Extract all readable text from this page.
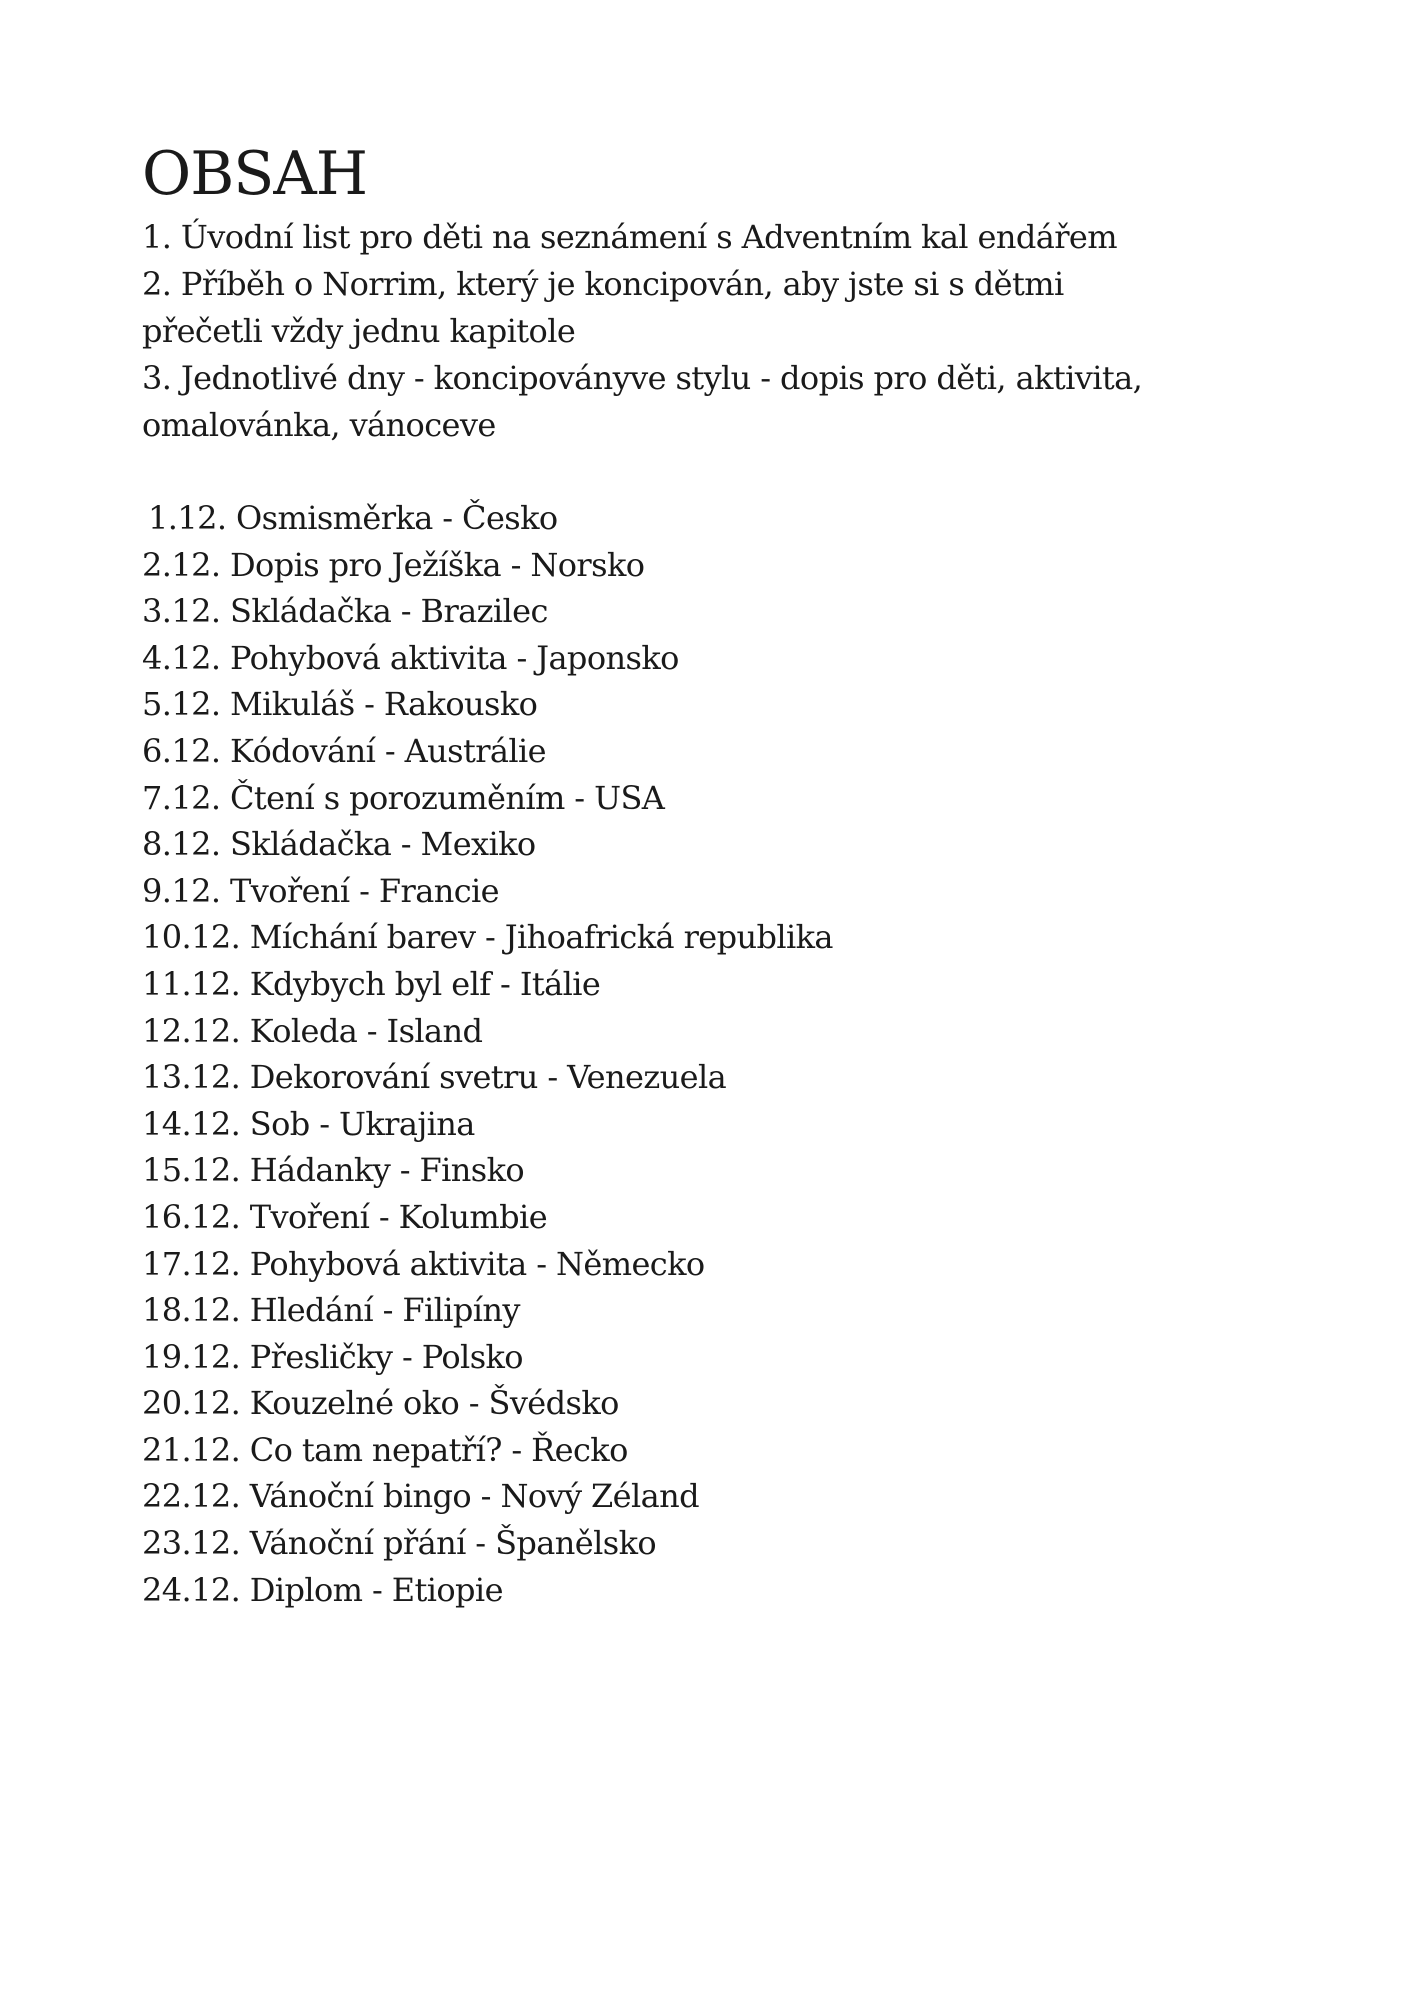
OBSAH

1. Úvodní list pro děti na seznámení s Adventním kal endářem

2. Příběh o Norrim, který je koncipován, aby jste si s dětmi

přečetli vždy jednu kapitole

3. Jednotlivé dny - koncipoványve stylu - dopis pro děti, aktivita,

omalovánka, vánoceve

1.12. Osmisměrka - Česko
2.12. Dopis pro Ježíška - Norsko
3.12. Skládačka - Brazilec
4.12. Pohybová aktivita - Japonsko
5.12. Mikuláš - Rakousko
6.12. Kódování - Austrálie
7.12. Čtení s porozuměním - USA
8.12. Skládačka - Mexiko
9.12. Tvoření - Francie
10.12. Míchání barev - Jihoafrická republika
11.12. Kdybych byl elf - Itálie
12.12. Koleda - Island
13.12. Dekorování svetru - Venezuela
14.12. Sob - Ukrajina
15.12. Hádanky - Finsko
16.12. Tvoření - Kolumbie
17.12. Pohybová aktivita - Německo
18.12. Hledání - Filipíny
19.12. Přesličky - Polsko
20.12. Kouzelné oko - Švédsko
21.12. Co tam nepatří? - Řecko
22.12. Vánoční bingo - Nový Zéland
23.12. Vánoční přání - Španělsko
24.12. Diplom - Etiopie
